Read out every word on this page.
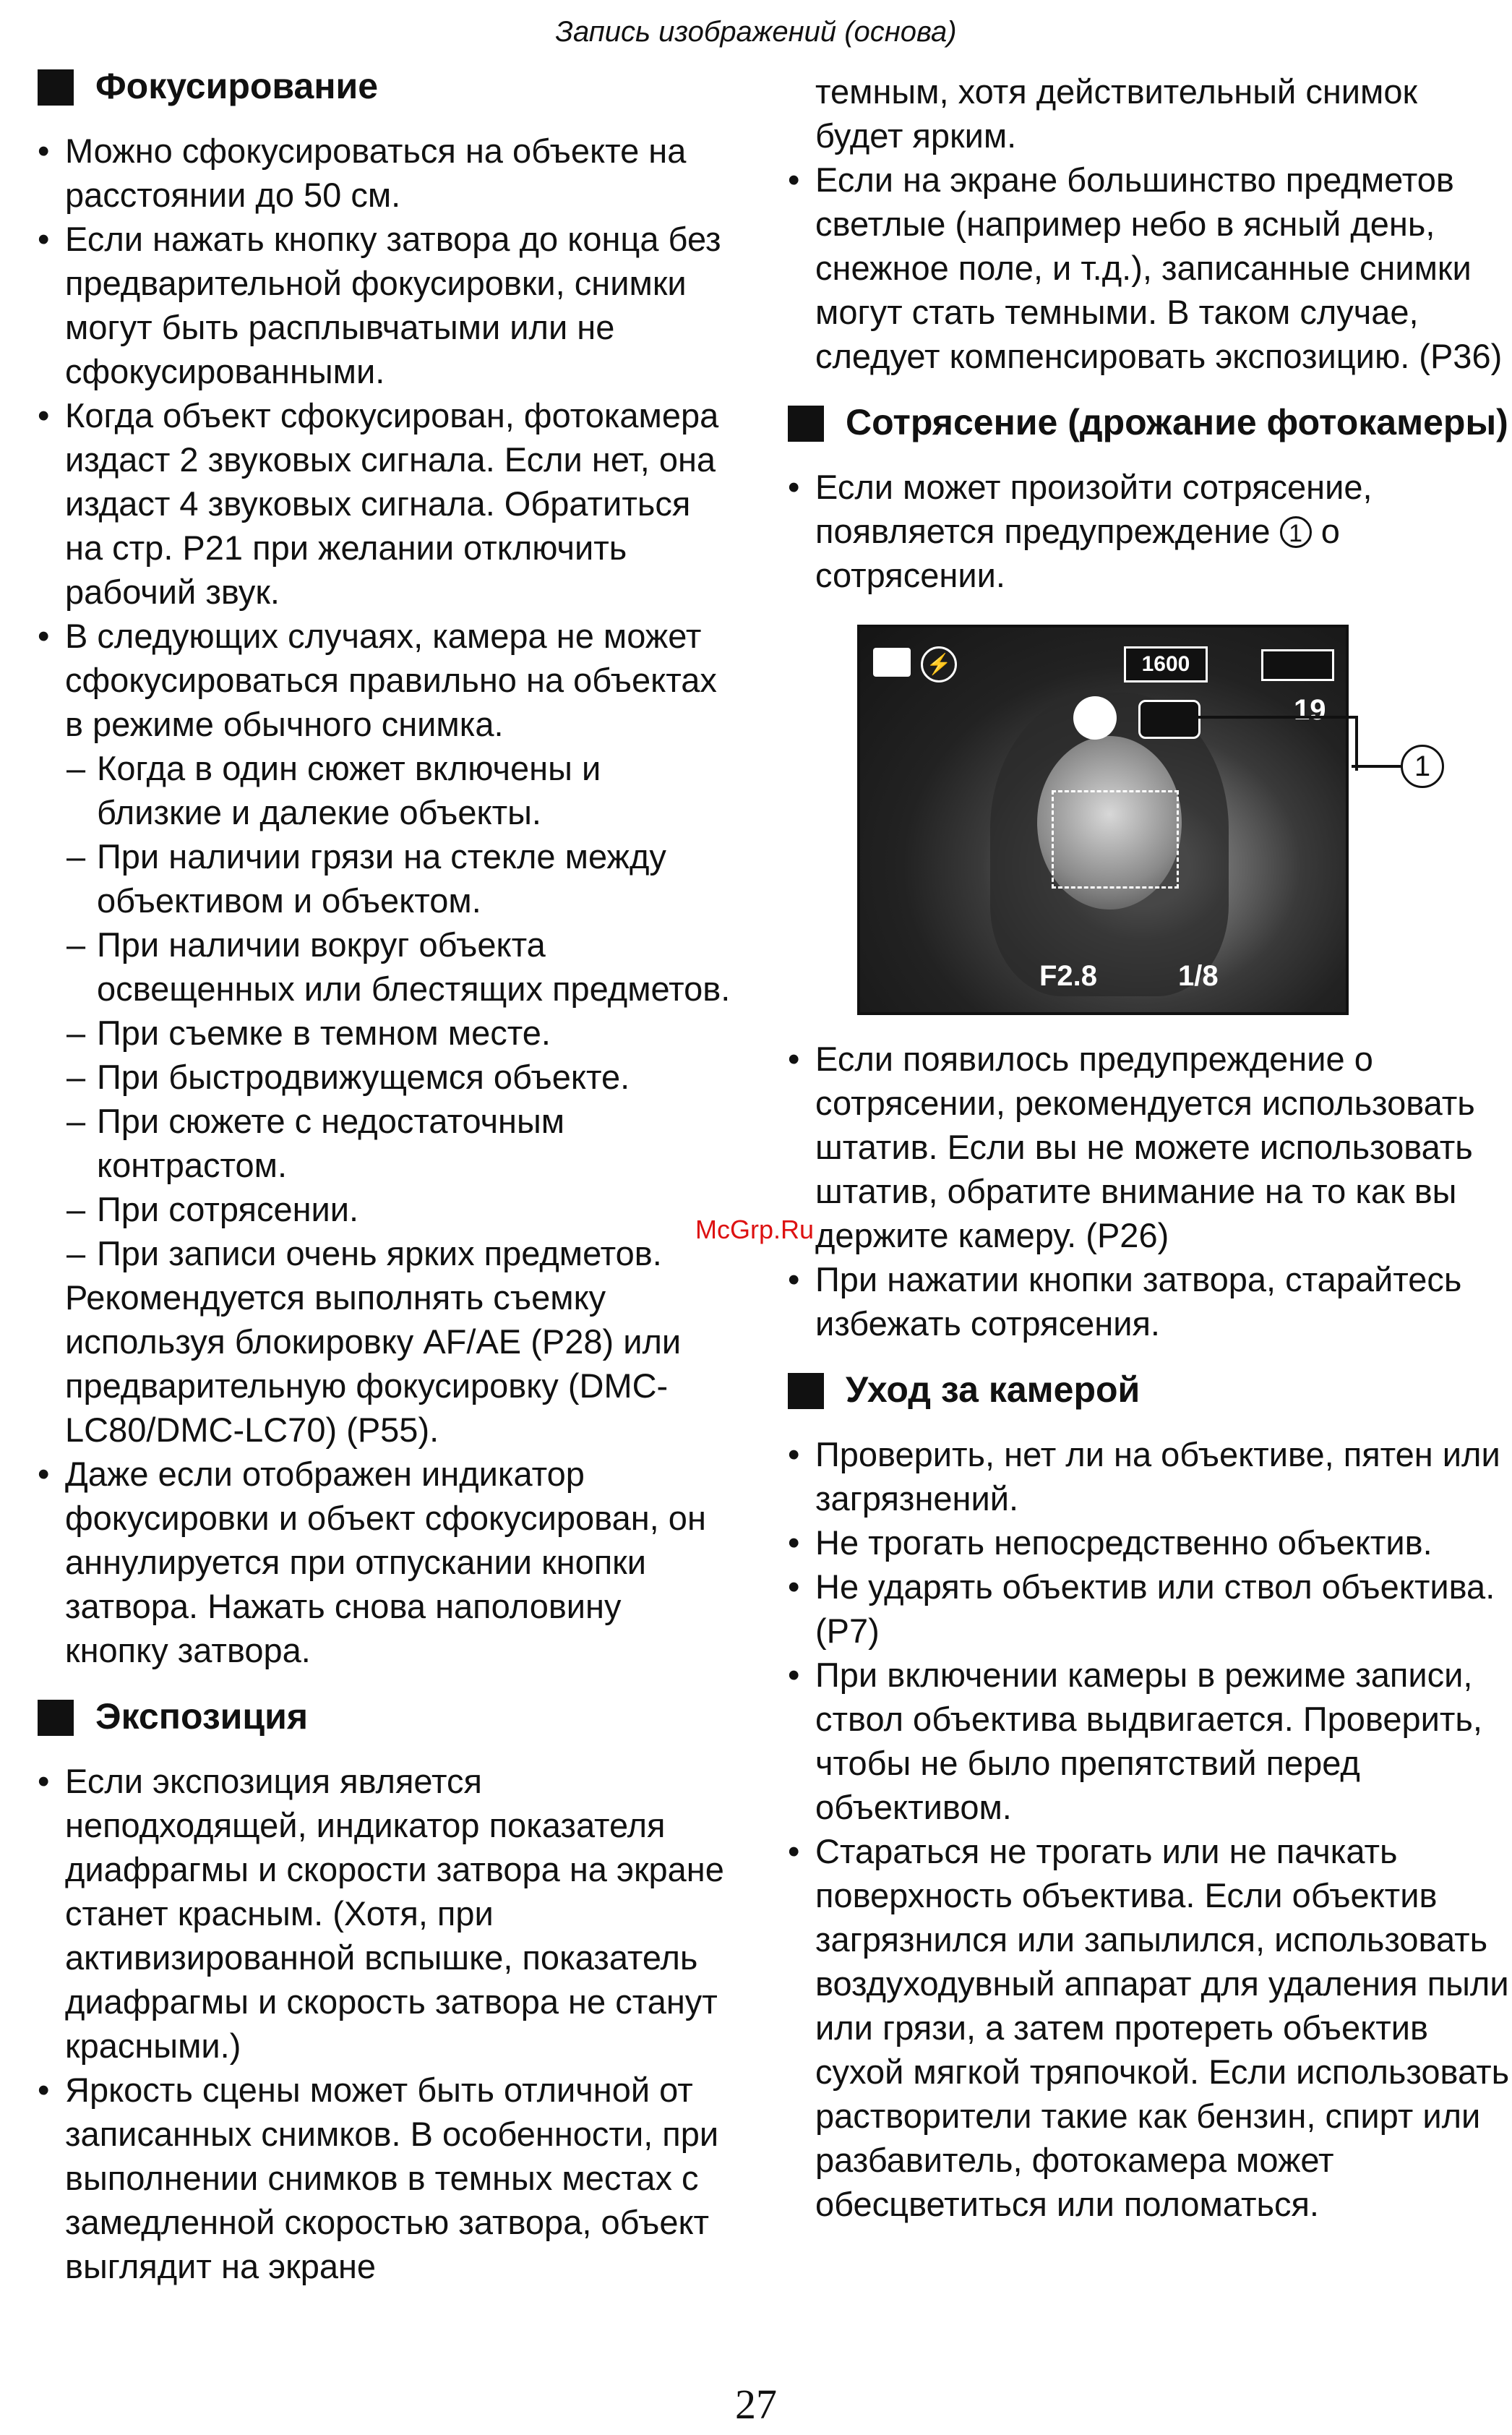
Запись изображений (основа)
Фокусирование

• Можно сфокусироваться на объекте на расстоянии до 50 см.

• Если нажать кнопку затвора до конца без предварительной фокусировки, снимки могут быть расплывчатыми или не сфокусированными.

• Когда объект сфокусирован, фотокамера издаст 2 звуковых сигнала. Если нет, она издаст 4 звуковых сигнала. Обратиться на стр. P21 при желании отключить рабочий звук.

• В следующих случаях, камера не может сфокусироваться правильно на объектах в режиме обычного снимка.

– Когда в один сюжет включены и близкие и далекие объекты.

– При наличии грязи на стекле между объективом и объектом.

– При наличии вокруг объекта освещенных или блестящих предметов.

– При съемке в темном месте.

– При быстродвижущемся объекте.

– При сюжете с недостаточным контрастом.

– При сотрясении.

– При записи очень ярких предметов.

Рекомендуется выполнять съемку используя блокировку AF/AE (P28) или предварительную фокусировку (DMC-LC80/DMC-LC70) (P55).

• Даже если отображен индикатор фокусировки и объект сфокусирован, он аннулируется при отпускании кнопки затвора. Нажать снова наполовину кнопку затвора.

Экспозиция

• Если экспозиция является неподходящей, индикатор показателя диафрагмы и скорости затвора на экране станет красным. (Хотя, при активизированной вспышке, показатель диафрагмы и скорость затвора не станут красными.)

• Яркость сцены может быть отличной от записанных снимков. В особенности, при выполнении снимков в темных местах с замедленной скоростью затвора, объект выглядит на экране

темным, хотя действительный снимок будет ярким.

• Если на экране большинство предметов светлые (например небо в ясный день, снежное поле, и т.д.), записанные снимки могут стать темными. В таком случае, следует компенсировать экспозицию. (P36)

Сотрясение (дрожание фотокамеры)

• Если может произойти сотрясение, появляется предупреждение 1 о сотрясении.

⚡	1600
19
F2.8	1/8
1

• Если появилось предупреждение о сотрясении, рекомендуется использовать штатив. Если вы не можете использовать штатив, обратите внимание на то как вы держите камеру. (P26)

• При нажатии кнопки затвора, старайтесь избежать сотрясения.

Уход за камерой

• Проверить, нет ли на объективе, пятен или загрязнений.

• Не трогать непосредственно объектив.

• Не ударять объектив или ствол объектива. (P7)

• При включении камеры в режиме записи, ствол объектива выдвигается. Проверить, чтобы не было препятствий перед объективом.

• Стараться не трогать или не пачкать поверхность объектива. Если объектив загрязнился или запылился, использовать воздуходувный аппарат для удаления пыли или грязи, а затем протереть объектив сухой мягкой тряпочкой. Если использовать растворители такие как бензин, спирт или разбавитель, фотокамера может обесцветиться или поломаться.

McGrp.Ru
27
